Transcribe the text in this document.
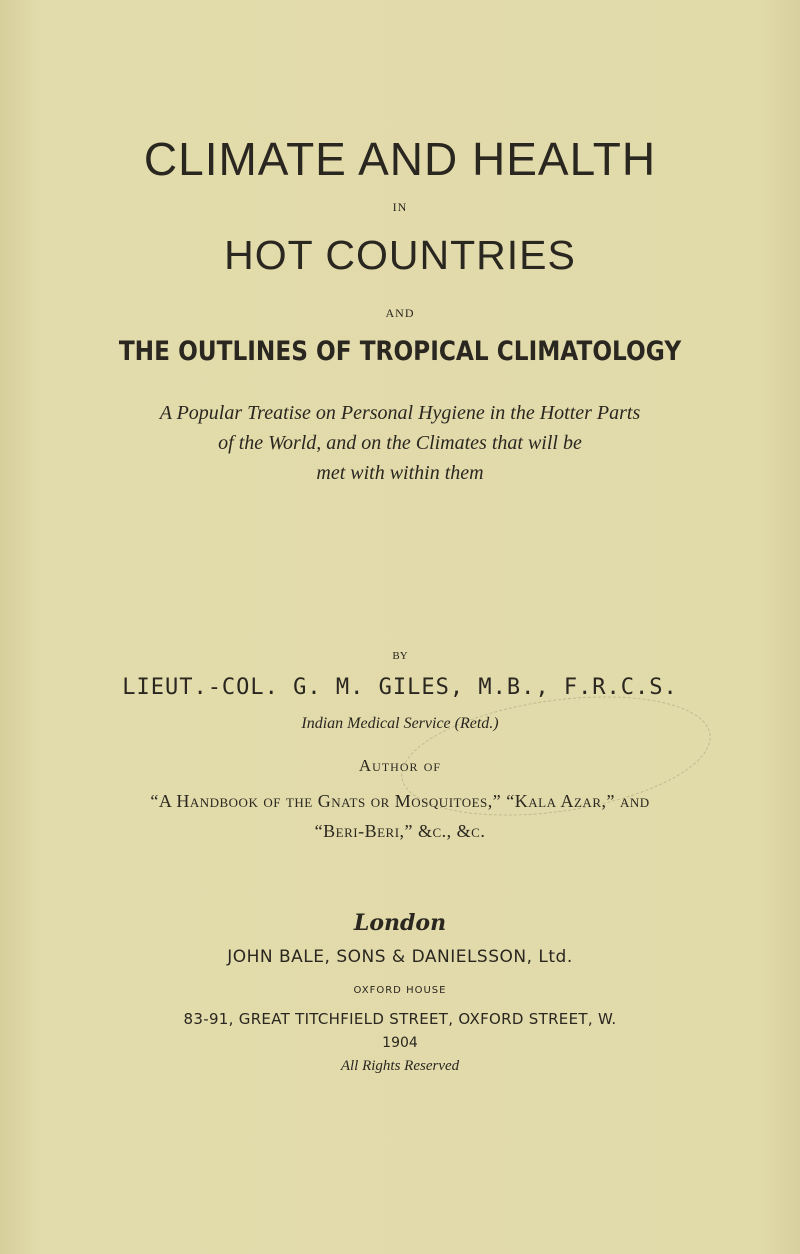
CLIMATE AND HEALTH
IN
HOT COUNTRIES
AND
THE OUTLINES OF TROPICAL CLIMATOLOGY
A Popular Treatise on Personal Hygiene in the Hotter Parts
of the World, and on the Climates that will be
met with within them
BY
LIEUT.-COL. G. M. GILES, M.B., F.R.C.S.
Indian Medical Service (Retd.)
Author of
“A Handbook of the Gnats or Mosquitoes,” “Kala Azar,” and
“Beri-Beri,” &c., &c.
London
JOHN BALE, SONS & DANIELSSON, Ltd.
OXFORD HOUSE
83-91, GREAT TITCHFIELD STREET, OXFORD STREET, W.
1904
All Rights Reserved
